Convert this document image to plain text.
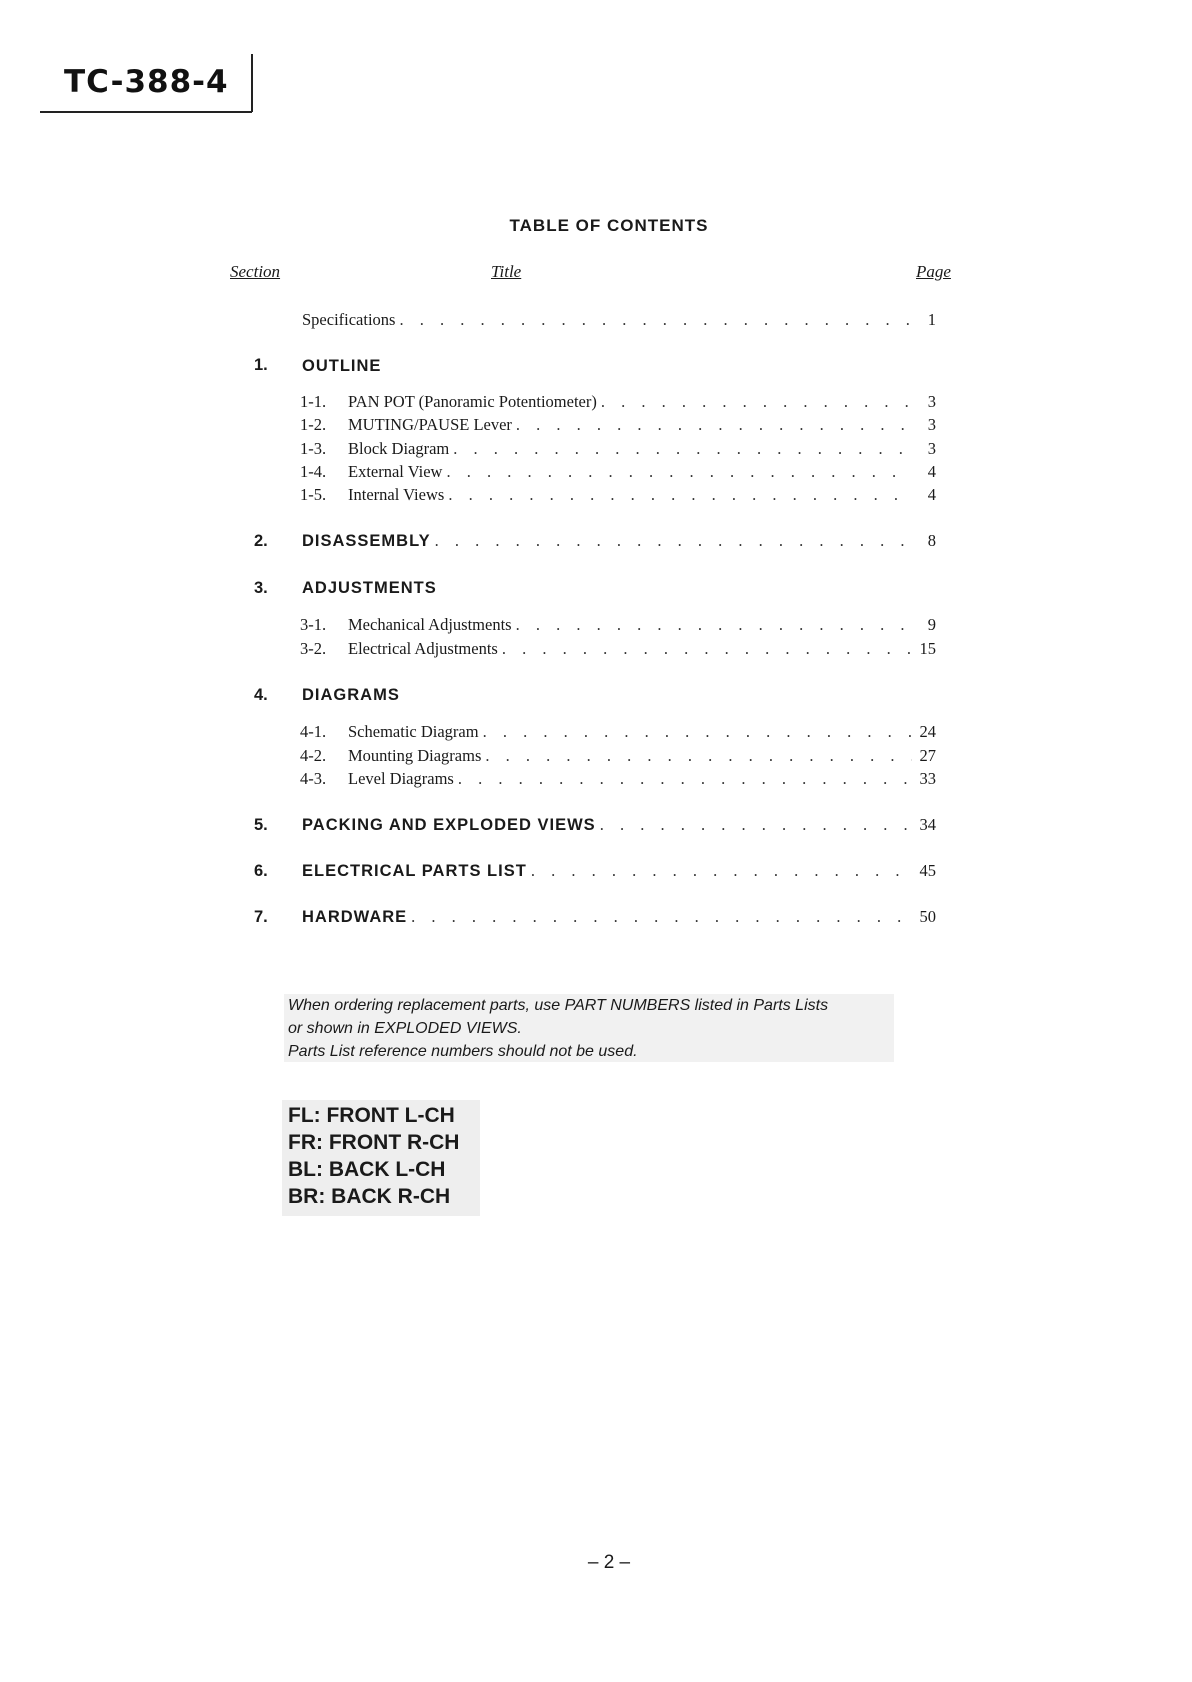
TC-388-4
TABLE OF CONTENTS
Section	Title	Page
Specifications . . .	1
1.	OUTLINE
1-1.	PAN POT (Panoramic Potentiometer) . . .	3
1-2.	MUTING/PAUSE Lever . . .	3
1-3.	Block Diagram . . .	3
1-4.	External View . . .	4
1-5.	Internal Views . . .	4
2.	DISASSEMBLY . . .	8
3.	ADJUSTMENTS
3-1.	Mechanical Adjustments . . .	9
3-2.	Electrical Adjustments . . .	15
4.	DIAGRAMS
4-1.	Schematic Diagram . . .	24
4-2.	Mounting Diagrams . . .	27
4-3.	Level Diagrams . . .	33
5.	PACKING AND EXPLODED VIEWS . . .	34
6.	ELECTRICAL PARTS LIST . . .	45
7.	HARDWARE . . .	50
When ordering replacement parts, use PART NUMBERS listed in Parts Lists
or shown in EXPLODED VIEWS.
Parts List reference numbers should not be used.
FL: FRONT L-CH
FR: FRONT R-CH
BL: BACK L-CH
BR: BACK R-CH
– 2 –
